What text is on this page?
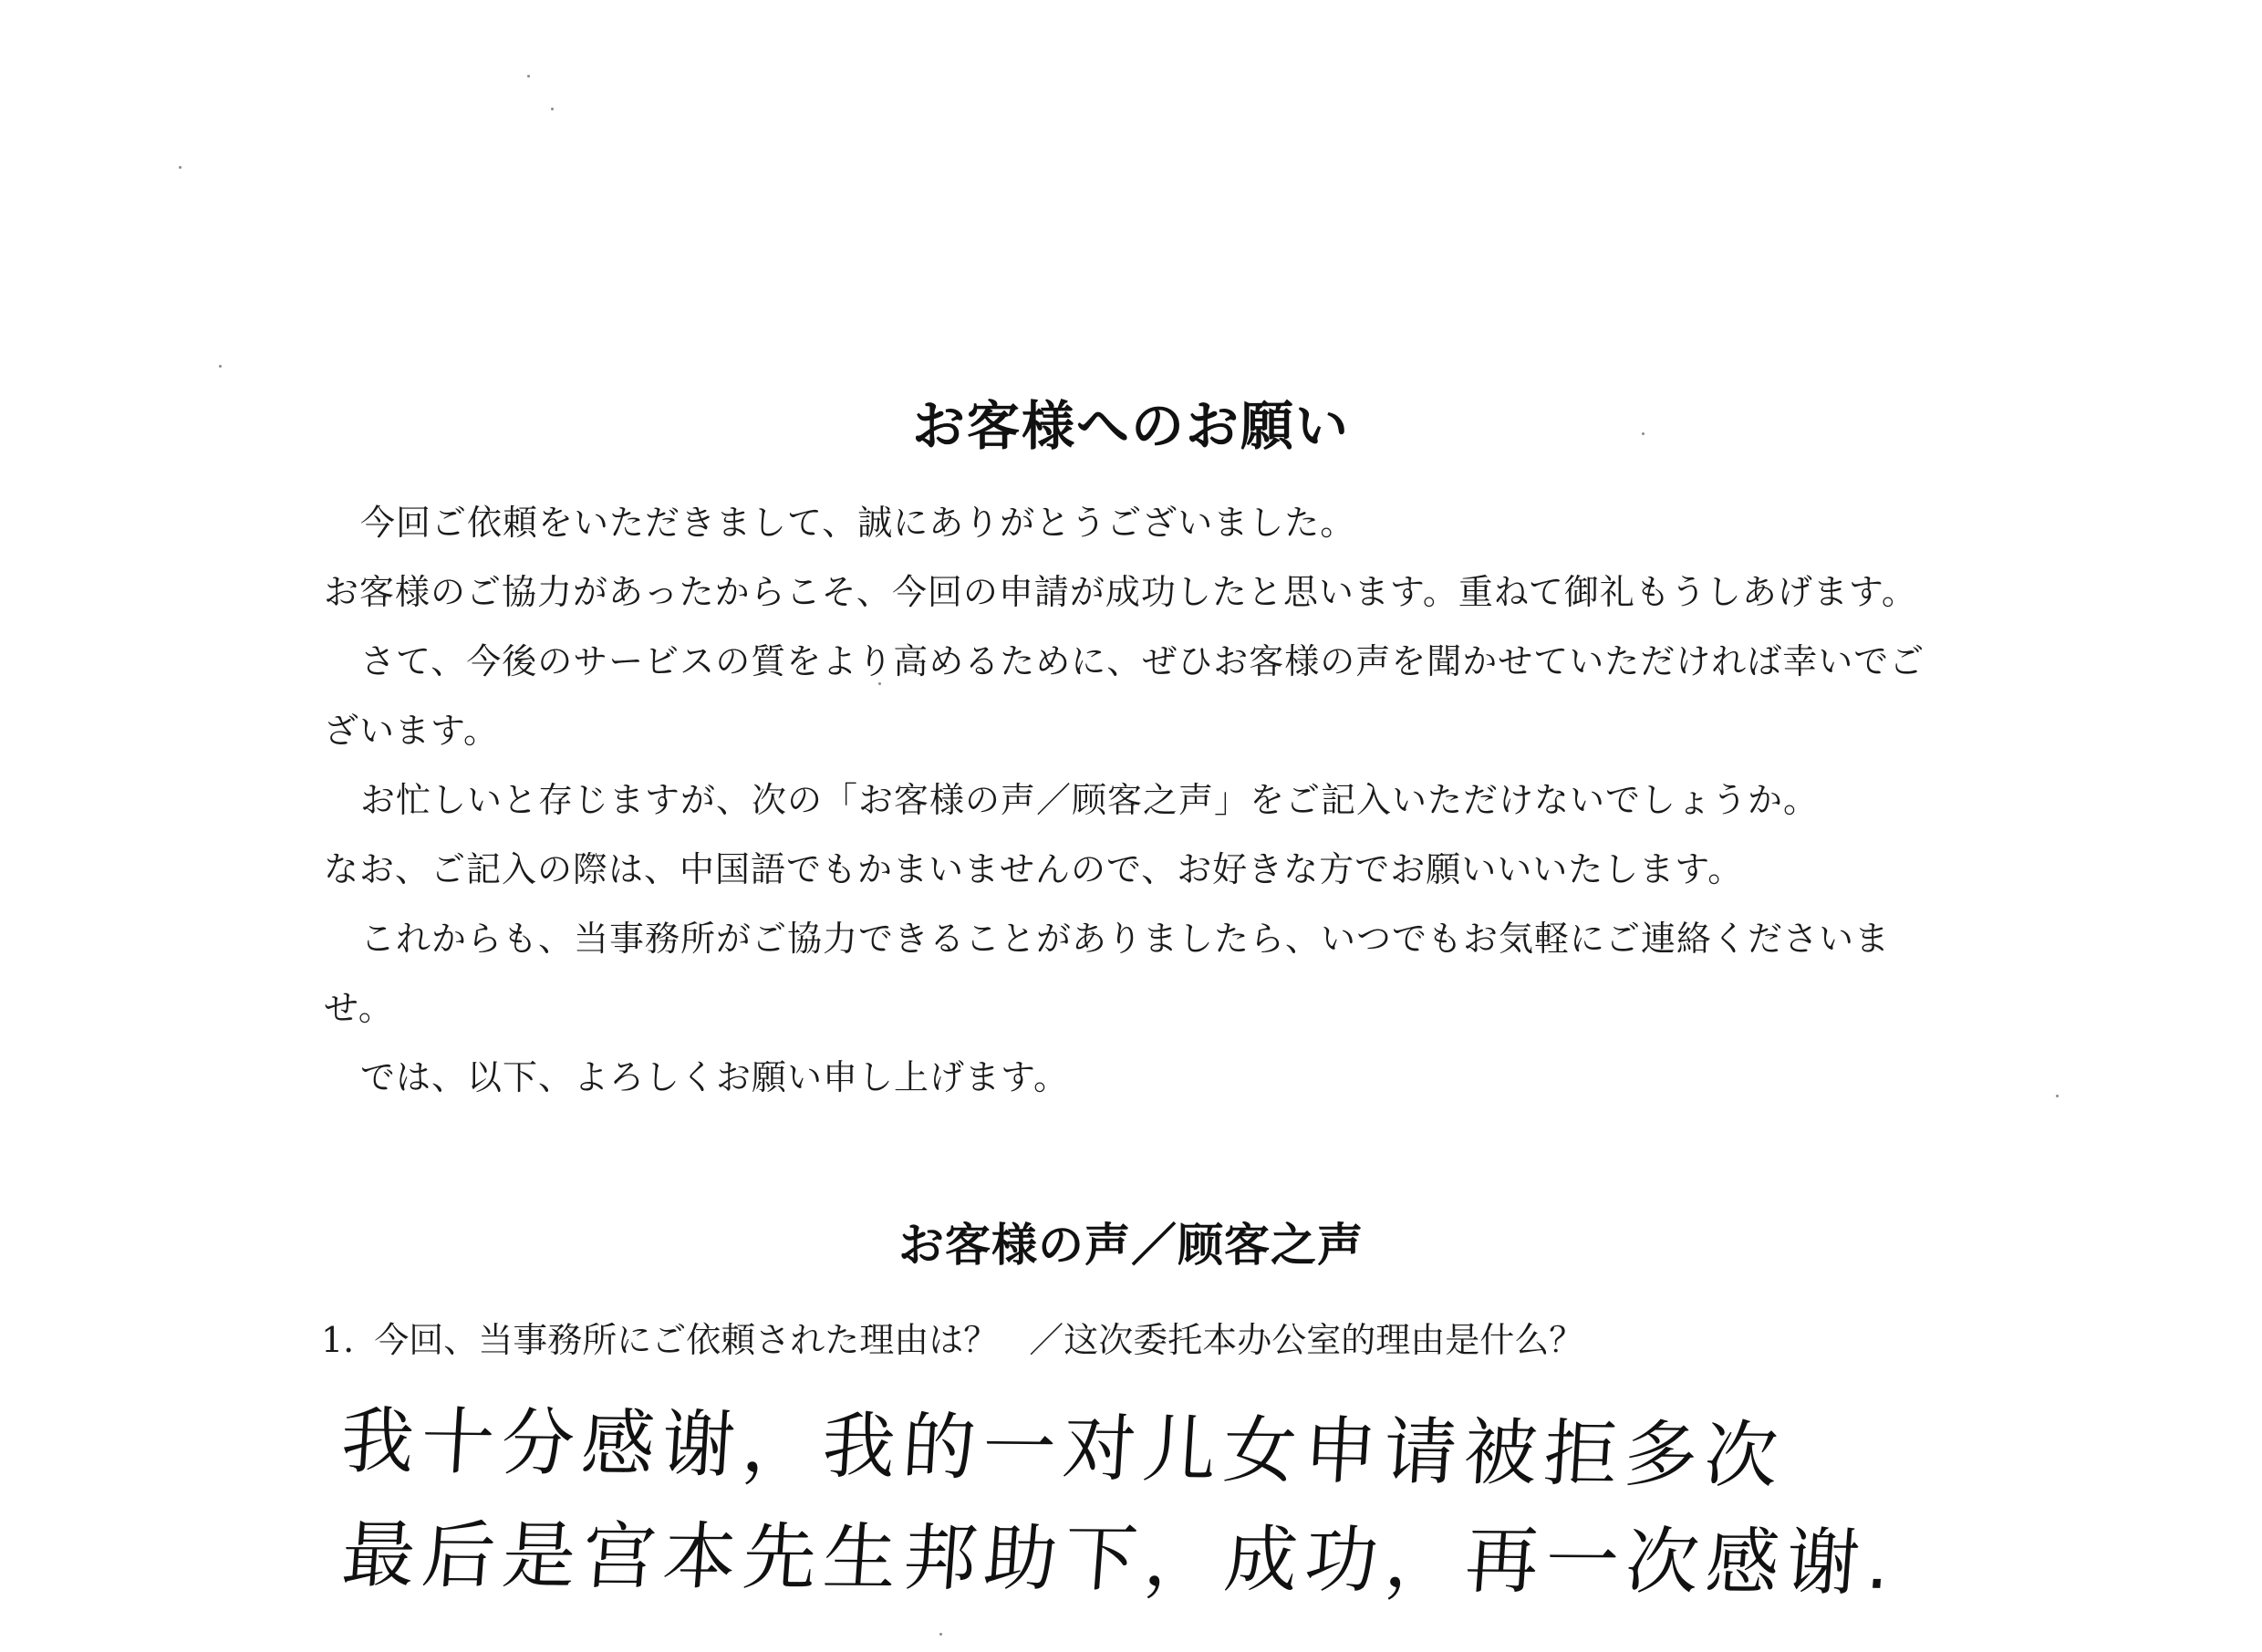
お客様へのお願い

今回ご依頼をいただきまして、誠にありがとうございました。

お客様のご協力があったからこそ、今回の申請が成功したと思います。重ねて御礼もうしあげます。

さて、今後のサービスの質をより高めるために、ぜひお客様の声を聞かせていただければ幸いでございます。

お忙しいと存じますが、次の「お客様の声／顾客之声」をご記入いただけないでしょうか。

なお、ご記入の際は、中国語でもかまいませんので、お好きな方でお願いいいたします。

これからも、当事務所がご協力できることがありましたら、いつでもお気軽にご連絡くださいませ。

では、以下、よろしくお願い申し上げます。

お客様の声／顾客之声
1. 今回、当事務所にご依頼された理由は？ ／这次委托本办公室的理由是什么？
我十分感谢，我的一对儿女申请被拒多次
最后是宫本先生邦助下，成功，再一次感谢.
